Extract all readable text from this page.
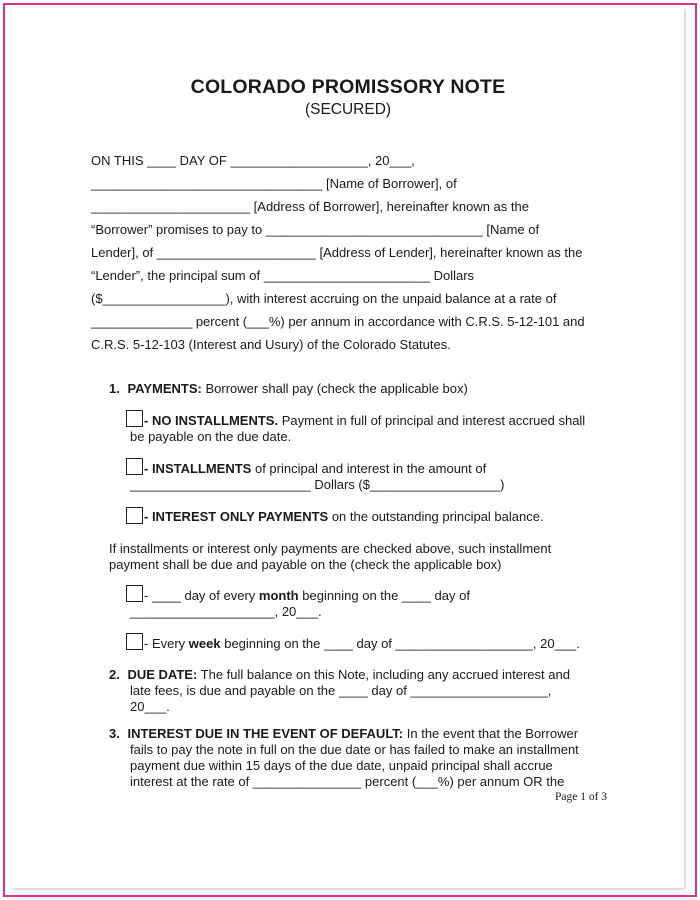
COLORADO PROMISSORY NOTE
(SECURED)
ON THIS ____ DAY OF ___________________, 20___,
________________________________ [Name of Borrower], of
______________________ [Address of Borrower], hereinafter known as the
“Borrower” promises to pay to ______________________________ [Name of
Lender], of ______________________ [Address of Lender], hereinafter known as the
“Lender”, the principal sum of _______________________ Dollars
($_________________), with interest accruing on the unpaid balance at a rate of
______________ percent (___%) per annum in accordance with C.R.S. 5-12-101 and
C.R.S. 5-12-103 (Interest and Usury) of the Colorado Statutes.
1. PAYMENTS: Borrower shall pay (check the applicable box)
- NO INSTALLMENTS. Payment in full of principal and interest accrued shall
be payable on the due date.
- INSTALLMENTS of principal and interest in the amount of
_________________________ Dollars ($__________________)
- INTEREST ONLY PAYMENTS on the outstanding principal balance.
If installments or interest only payments are checked above, such installment
payment shall be due and payable on the (check the applicable box)
- ____ day of every month beginning on the ____ day of
____________________, 20___.
- Every week beginning on the ____ day of ___________________, 20___.
2. DUE DATE: The full balance on this Note, including any accrued interest and
late fees, is due and payable on the ____ day of ___________________,
20___.
3. INTEREST DUE IN THE EVENT OF DEFAULT: In the event that the Borrower
fails to pay the note in full on the due date or has failed to make an installment
payment due within 15 days of the due date, unpaid principal shall accrue
interest at the rate of _______________ percent (___%) per annum OR the
Page 1 of 3
